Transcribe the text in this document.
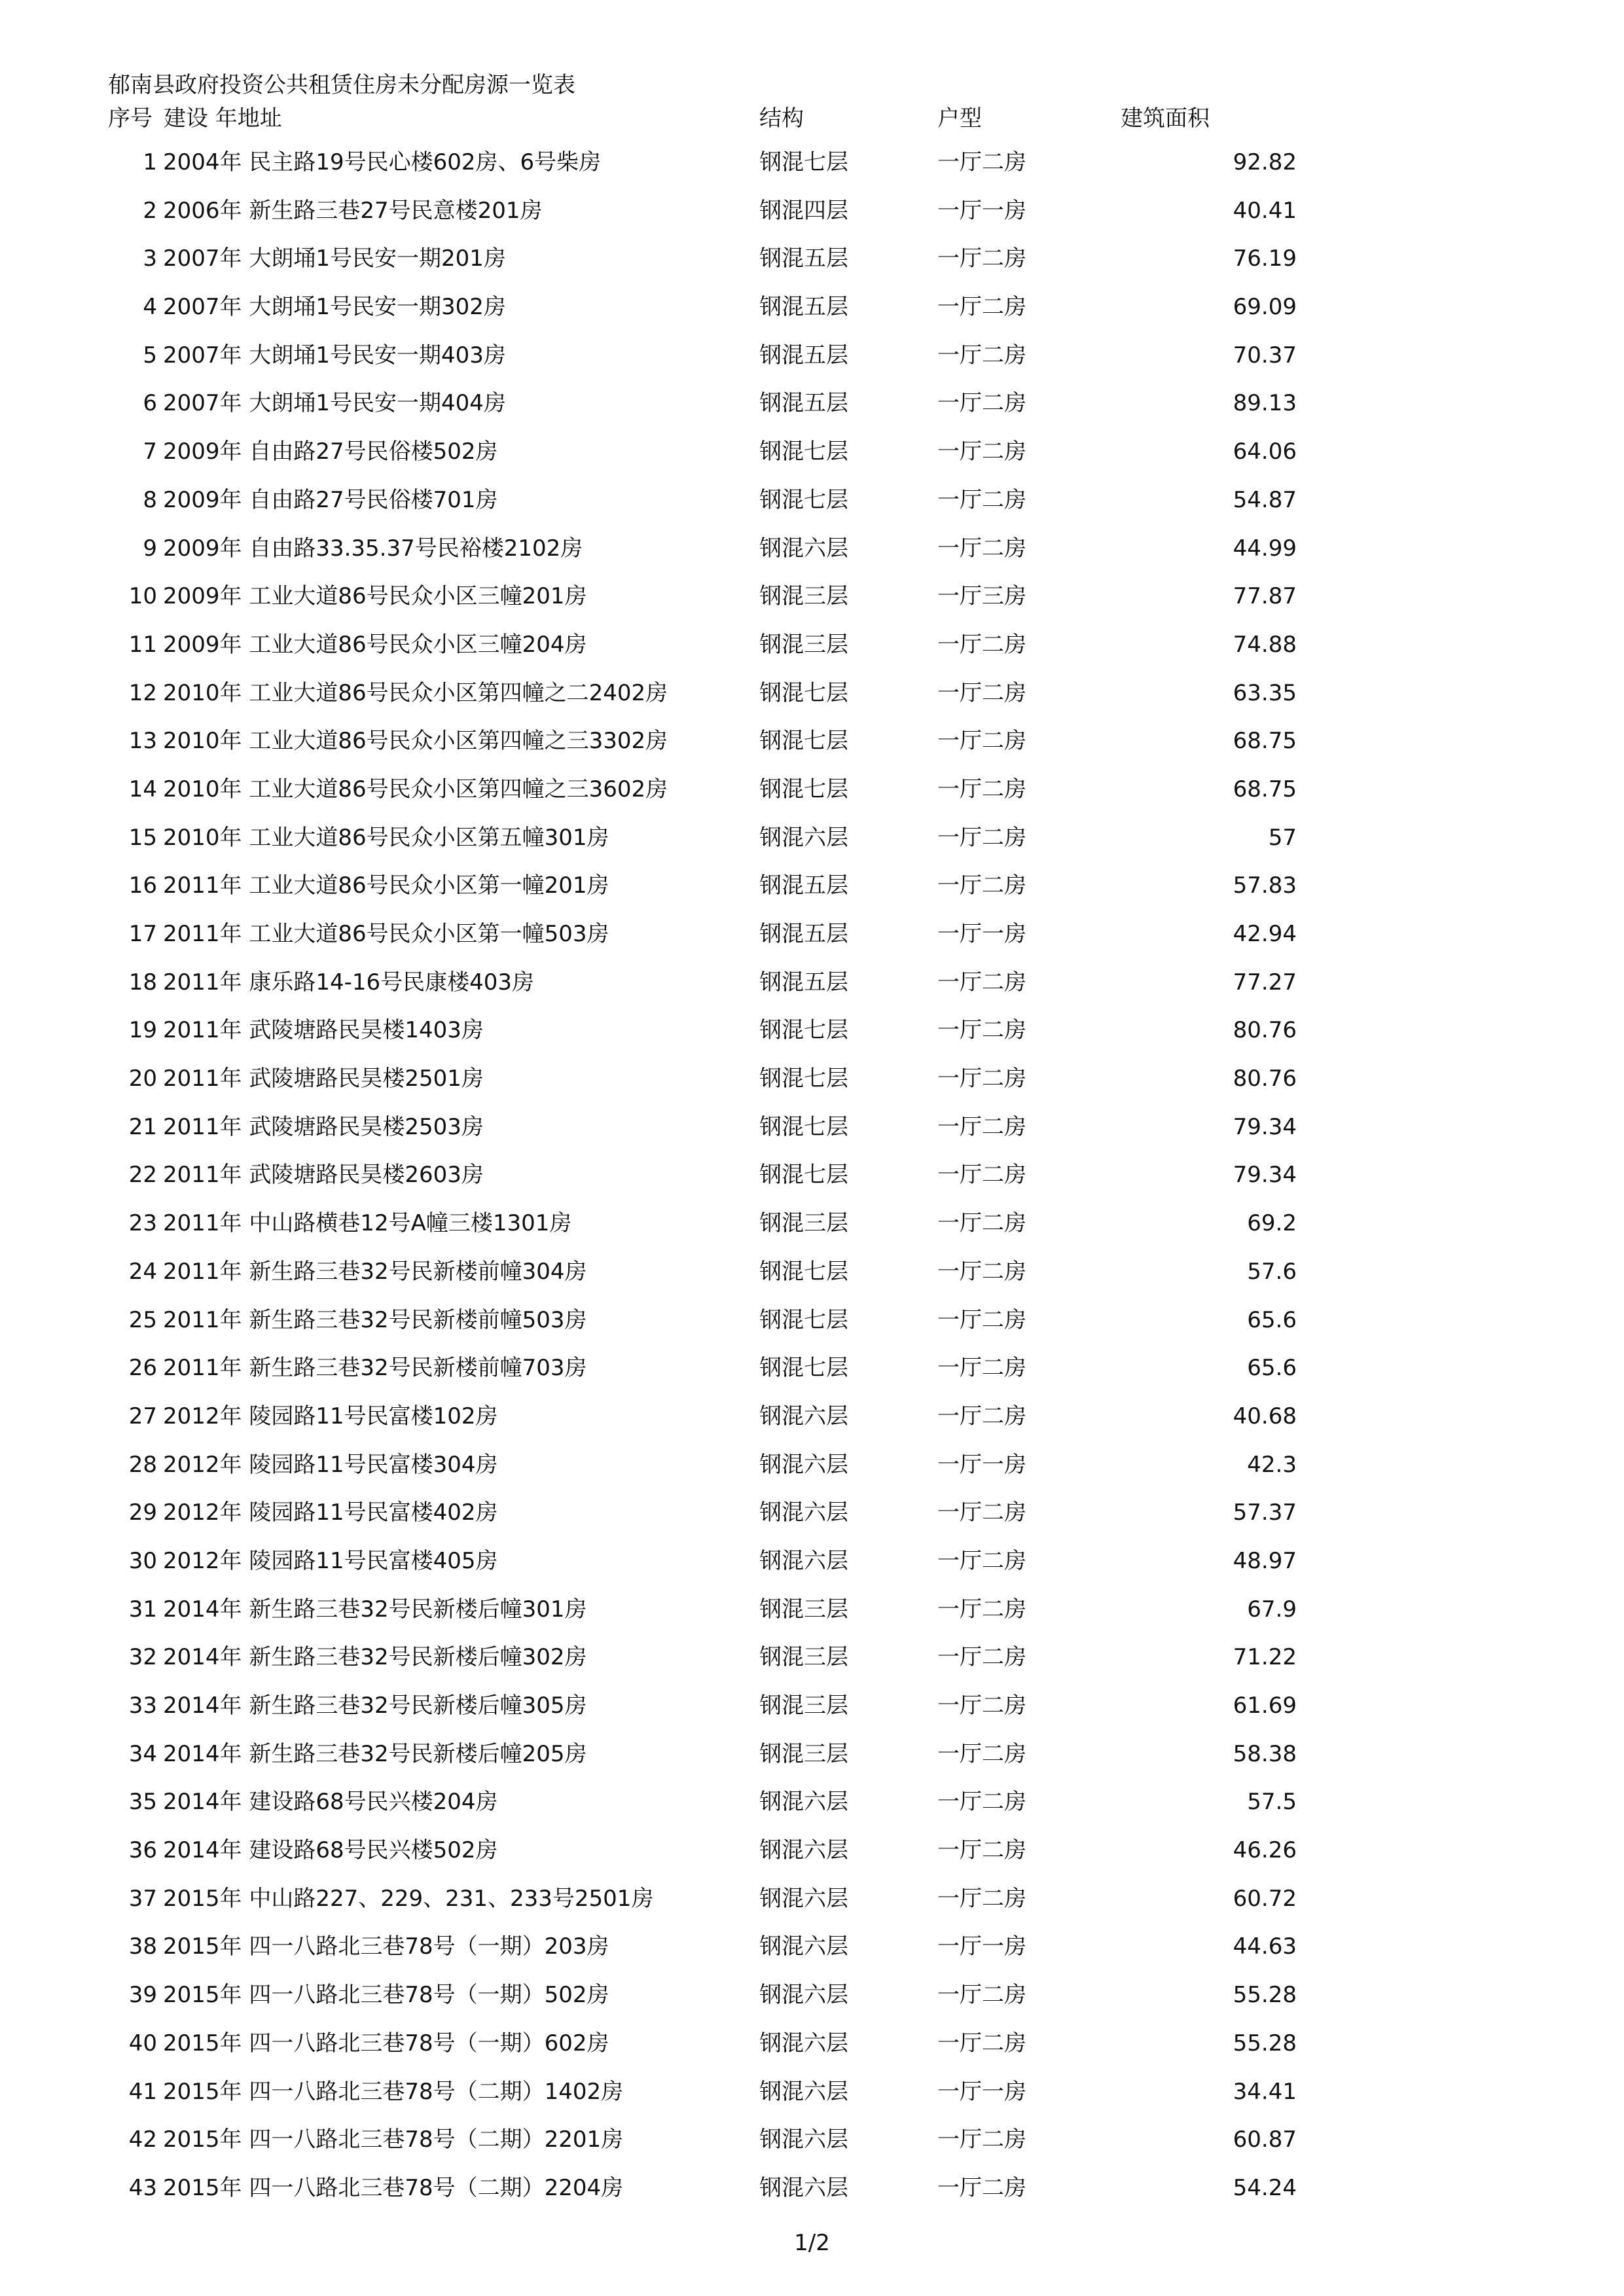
郁南县政府投资公共租赁住房未分配房源一览表
序号 建设 年地址	结构	户型	建筑面积
1 2004年 民主路19号民心楼602房、6号柴房	钢混七层	一厅二房	92.82
2 2006年 新生路三巷27号民意楼201房	钢混四层	一厅一房	40.41
3 2007年 大朗埇1号民安一期201房	钢混五层	一厅二房	76.19
4 2007年 大朗埇1号民安一期302房	钢混五层	一厅二房	69.09
5 2007年 大朗埇1号民安一期403房	钢混五层	一厅二房	70.37
6 2007年 大朗埇1号民安一期404房	钢混五层	一厅二房	89.13
7 2009年 自由路27号民俗楼502房	钢混七层	一厅二房	64.06
8 2009年 自由路27号民俗楼701房	钢混七层	一厅二房	54.87
9 2009年 自由路33.35.37号民裕楼2102房	钢混六层	一厅二房	44.99
10 2009年 工业大道86号民众小区三幢201房	钢混三层	一厅三房	77.87
11 2009年 工业大道86号民众小区三幢204房	钢混三层	一厅二房	74.88
12 2010年 工业大道86号民众小区第四幢之二2402房	钢混七层	一厅二房	63.35
13 2010年 工业大道86号民众小区第四幢之三3302房	钢混七层	一厅二房	68.75
14 2010年 工业大道86号民众小区第四幢之三3602房	钢混七层	一厅二房	68.75
15 2010年 工业大道86号民众小区第五幢301房	钢混六层	一厅二房	57
16 2011年 工业大道86号民众小区第一幢201房	钢混五层	一厅二房	57.83
17 2011年 工业大道86号民众小区第一幢503房	钢混五层	一厅一房	42.94
18 2011年 康乐路14-16号民康楼403房	钢混五层	一厅二房	77.27
19 2011年 武陵塘路民昊楼1403房	钢混七层	一厅二房	80.76
20 2011年 武陵塘路民昊楼2501房	钢混七层	一厅二房	80.76
21 2011年 武陵塘路民昊楼2503房	钢混七层	一厅二房	79.34
22 2011年 武陵塘路民昊楼2603房	钢混七层	一厅二房	79.34
23 2011年 中山路横巷12号A幢三楼1301房	钢混三层	一厅二房	69.2
24 2011年 新生路三巷32号民新楼前幢304房	钢混七层	一厅二房	57.6
25 2011年 新生路三巷32号民新楼前幢503房	钢混七层	一厅二房	65.6
26 2011年 新生路三巷32号民新楼前幢703房	钢混七层	一厅二房	65.6
27 2012年 陵园路11号民富楼102房	钢混六层	一厅二房	40.68
28 2012年 陵园路11号民富楼304房	钢混六层	一厅一房	42.3
29 2012年 陵园路11号民富楼402房	钢混六层	一厅二房	57.37
30 2012年 陵园路11号民富楼405房	钢混六层	一厅二房	48.97
31 2014年 新生路三巷32号民新楼后幢301房	钢混三层	一厅二房	67.9
32 2014年 新生路三巷32号民新楼后幢302房	钢混三层	一厅二房	71.22
33 2014年 新生路三巷32号民新楼后幢305房	钢混三层	一厅二房	61.69
34 2014年 新生路三巷32号民新楼后幢205房	钢混三层	一厅二房	58.38
35 2014年 建设路68号民兴楼204房	钢混六层	一厅二房	57.5
36 2014年 建设路68号民兴楼502房	钢混六层	一厅二房	46.26
37 2015年 中山路227、229、231、233号2501房	钢混六层	一厅二房	60.72
38 2015年 四一八路北三巷78号（一期）203房	钢混六层	一厅一房	44.63
39 2015年 四一八路北三巷78号（一期）502房	钢混六层	一厅二房	55.28
40 2015年 四一八路北三巷78号（一期）602房	钢混六层	一厅二房	55.28
41 2015年 四一八路北三巷78号（二期）1402房	钢混六层	一厅一房	34.41
42 2015年 四一八路北三巷78号（二期）2201房	钢混六层	一厅二房	60.87
43 2015年 四一八路北三巷78号（二期）2204房	钢混六层	一厅二房	54.24
1/2
